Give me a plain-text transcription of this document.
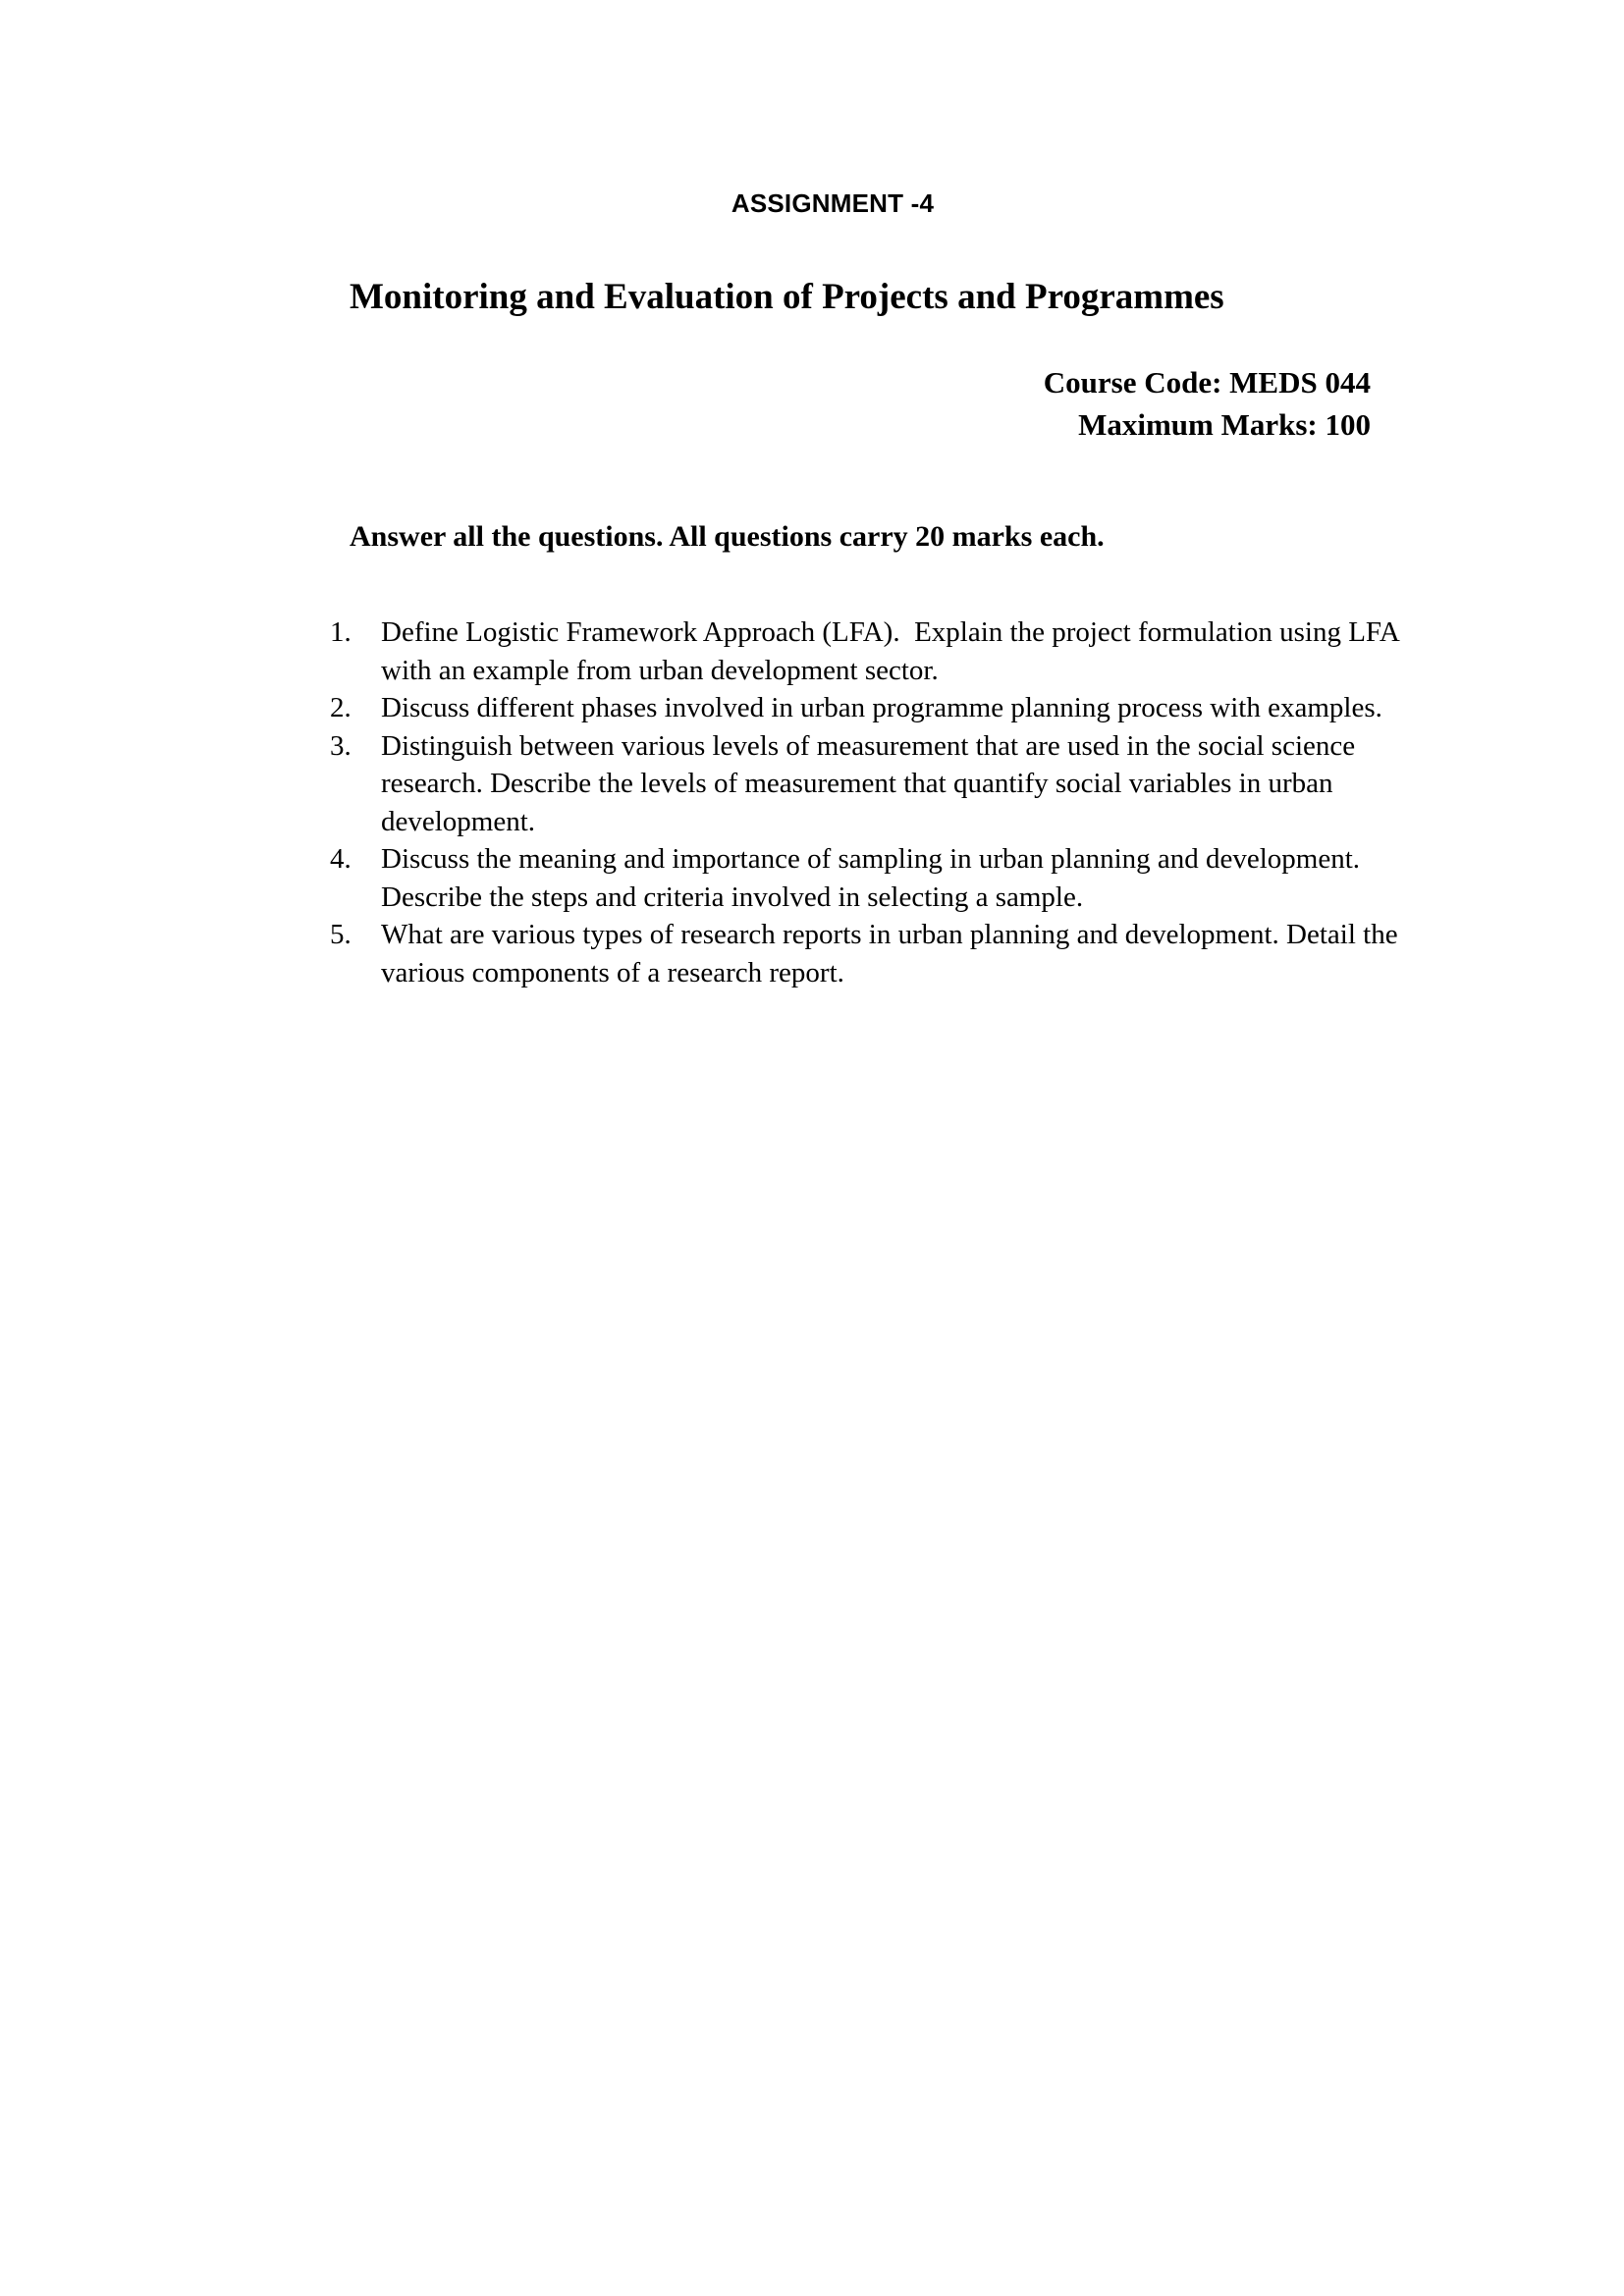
ASSIGNMENT -4
Monitoring and Evaluation of Projects and Programmes
Course Code: MEDS 044
Maximum Marks: 100
Answer all the questions. All questions carry 20 marks each.
1.	Define Logistic Framework Approach (LFA).  Explain the project formulation using LFA with an example from urban development sector.
2.	Discuss different phases involved in urban programme planning process with examples.
3.	Distinguish between various levels of measurement that are used in the social science research. Describe the levels of measurement that quantify social variables in urban development.
4.	Discuss the meaning and importance of sampling in urban planning and development. Describe the steps and criteria involved in selecting a sample.
5.	What are various types of research reports in urban planning and development. Detail the various components of a research report.
